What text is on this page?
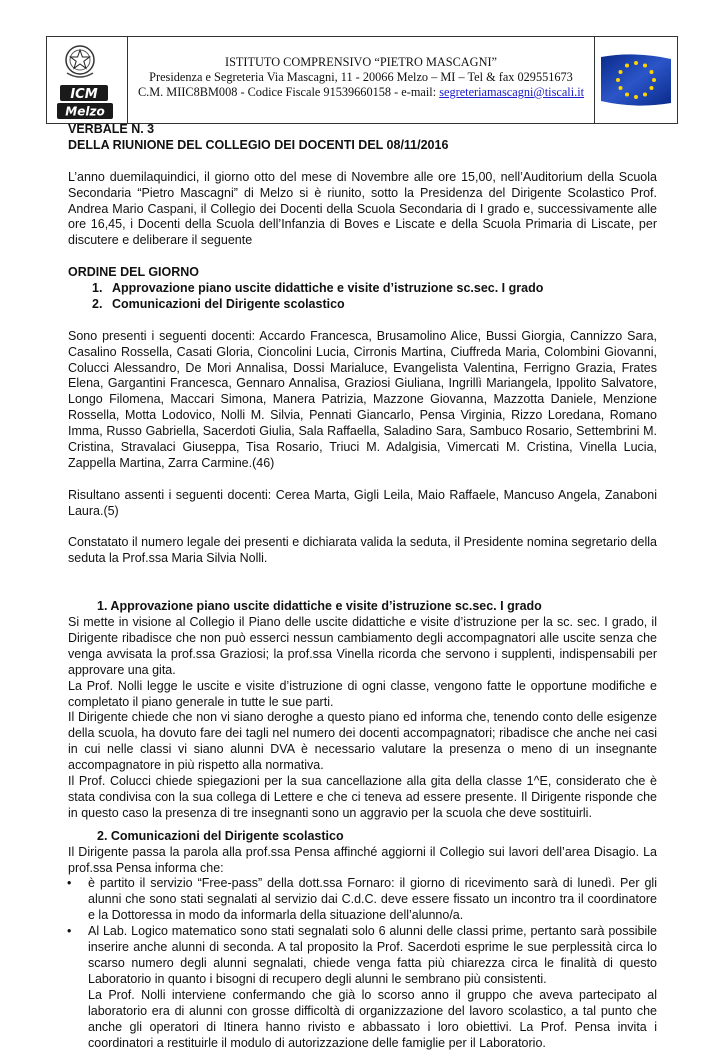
ICM
Melzo
ISTITUTO COMPRENSIVO “PIETRO MASCAGNI”
Presidenza e Segreteria Via Mascagni, 11 - 20066 Melzo – MI – Tel & fax 029551673
C.M. MIIC8BM008 - Codice Fiscale 91539660158 - e-mail: segreteriamascagni@tiscali.it

VERBALE N. 3

DELLA RIUNIONE DEL COLLEGIO DEI DOCENTI DEL 08/11/2016

L’anno duemilaquindici, il giorno otto del mese di Novembre alle ore 15,00, nell’Auditorium della Scuola Secondaria “Pietro Mascagni” di Melzo si è riunito, sotto la Presidenza del Dirigente Scolastico Prof. Andrea Mario Caspani, il Collegio dei Docenti della Scuola Secondaria di I grado e, successivamente alle ore 16,45, i Docenti della Scuola dell’Infanzia di Boves e Liscate e della Scuola Primaria di Liscate, per discutere e deliberare il seguente

ORDINE DEL GIORNO

1. Approvazione piano uscite didattiche e visite d’istruzione sc.sec. I grado
2. Comunicazioni del Dirigente scolastico

Sono presenti i seguenti docenti: Accardo Francesca, Brusamolino Alice, Bussi Giorgia, Cannizzo Sara, Casalino Rossella, Casati Gloria, Cioncolini Lucia, Cirronis Martina, Ciuffreda Maria, Colombini Giovanni, Colucci Alessandro, De Mori Annalisa, Dossi Marialuce, Evangelista Valentina, Ferrigno Grazia, Frates Elena, Gargantini Francesca, Gennaro Annalisa, Graziosi Giuliana, Ingrillì Mariangela, Ippolito Salvatore, Longo Filomena, Maccari Simona, Manera Patrizia, Mazzone Giovanna, Mazzotta Daniele, Menzione Rossella, Motta Lodovico, Nolli M. Silvia, Pennati Giancarlo, Pensa Virginia, Rizzo Loredana, Romano Imma, Russo Gabriella, Sacerdoti Giulia, Sala Raffaella, Saladino Sara, Sambuco Rosario, Settembrini M. Cristina, Stravalaci Giuseppa, Tisa Rosario, Triuci M. Adalgisia, Vimercati M. Cristina, Vinella Lucia, Zappella Martina, Zarra Carmine.(46)

Risultano assenti i seguenti docenti: Cerea Marta, Gigli Leila, Maio Raffaele, Mancuso Angela, Zanaboni Laura.(5)

Constatato il numero legale dei presenti e dichiarata valida la seduta, il Presidente nomina segretario della seduta la Prof.ssa Maria Silvia Nolli.

1. Approvazione piano uscite didattiche e visite d’istruzione sc.sec. I grado

Si mette in visione al Collegio il Piano delle uscite didattiche e visite d’istruzione per la sc. sec. I grado, il Dirigente ribadisce che non può esserci nessun cambiamento degli accompagnatori alle uscite senza che venga avvisata la prof.ssa Graziosi; la prof.ssa Vinella ricorda che servono i supplenti, indispensabili per approvare una gita.

La Prof. Nolli legge le uscite e visite d’istruzione di ogni classe, vengono fatte le opportune modifiche e completato il piano generale in tutte le sue parti.

Il Dirigente chiede che non vi siano deroghe a questo piano ed informa che, tenendo conto delle esigenze della scuola, ha dovuto fare dei tagli nel numero dei docenti accompagnatori; ribadisce che anche nei casi in cui nelle classi vi siano alunni DVA è necessario valutare la presenza o meno di un insegnante accompagnatore in più rispetto alla normativa.

Il Prof. Colucci chiede spiegazioni per la sua cancellazione alla gita della classe 1^E, considerato che è stata condivisa con la sua collega di Lettere e che ci teneva ad essere presente. Il Dirigente risponde che in questo caso la presenza di tre insegnanti sono un aggravio per la scuola che deve sostituirli.

2. Comunicazioni del Dirigente scolastico

Il Dirigente passa la parola alla prof.ssa Pensa affinché aggiorni il Collegio sui lavori dell’area Disagio. La prof.ssa Pensa informa che:

• è partito il servizio “Free-pass” della dott.ssa Fornaro: il giorno di ricevimento sarà di lunedì. Per gli alunni che sono stati segnalati al servizio dai C.d.C. deve essere fissato un incontro tra il coordinatore e la Dottoressa in modo da informarla della situazione dell’alunno/a.
• Al Lab. Logico matematico sono stati segnalati solo 6 alunni delle classi prime, pertanto sarà possibile inserire anche alunni di seconda. A tal proposito la Prof. Sacerdoti esprime le sue perplessità circa lo scarso numero degli alunni segnalati, chiede venga fatta più chiarezza circa le finalità di questo Laboratorio in quanto i bisogni di recupero degli alunni le sembrano più consistenti.

La Prof. Nolli interviene confermando che già lo scorso anno il gruppo che aveva partecipato al laboratorio era di alunni con grosse difficoltà di organizzazione del lavoro scolastico, a tal punto che anche gli operatori di Itinera hanno rivisto e abbassato i loro obiettivi. La Prof. Pensa invita i coordinatori a restituirle il modulo di autorizzazione delle famiglie per il Laboratorio.
